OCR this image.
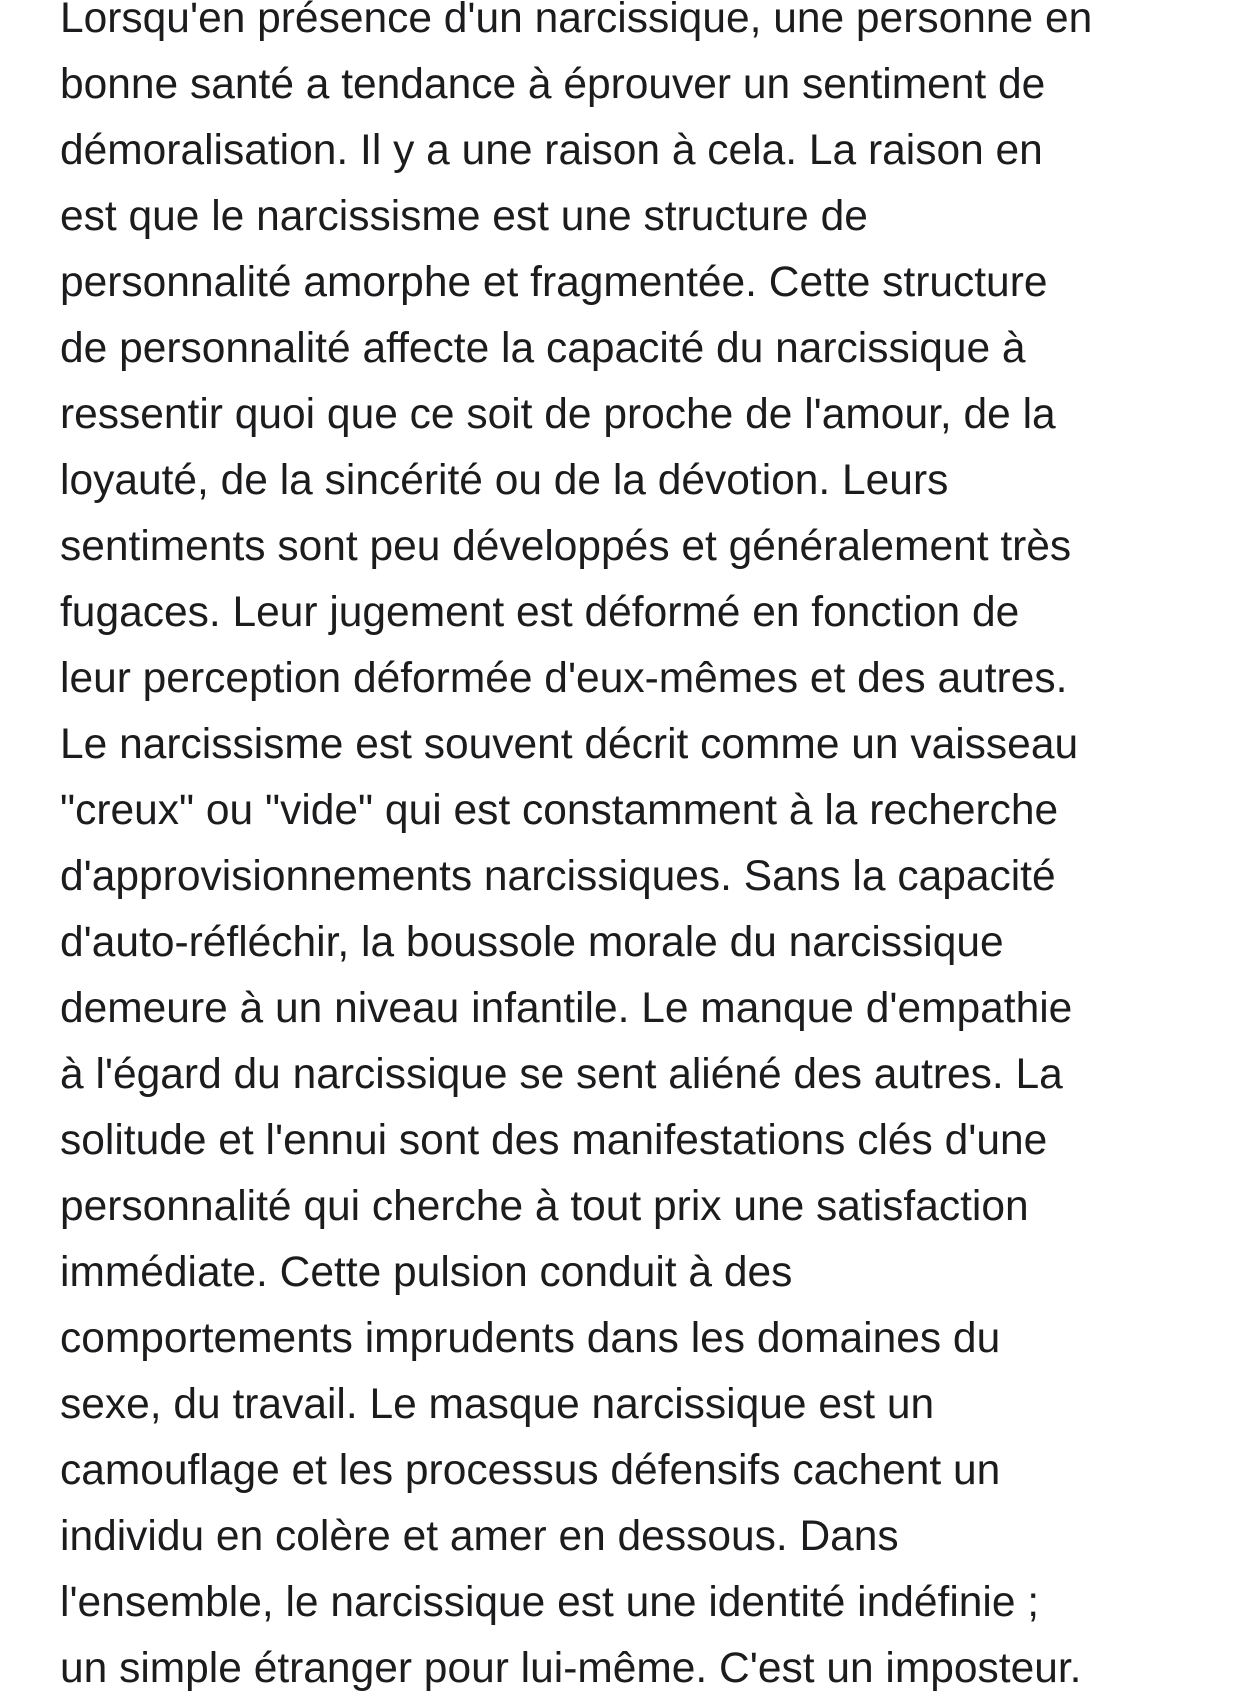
Lorsqu'en présence d'un narcissique, une personne en
bonne santé a tendance à éprouver un sentiment de
démoralisation. Il y a une raison à cela. La raison en
est que le narcissisme est une structure de
personnalité amorphe et fragmentée. Cette structure
de personnalité affecte la capacité du narcissique à
ressentir quoi que ce soit de proche de l'amour, de la
loyauté, de la sincérité ou de la dévotion. Leurs
sentiments sont peu développés et généralement très
fugaces. Leur jugement est déformé en fonction de
leur perception déformée d'eux-mêmes et des autres.
Le narcissisme est souvent décrit comme un vaisseau
"creux" ou "vide" qui est constamment à la recherche
d'approvisionnements narcissiques. Sans la capacité
d'auto-réfléchir, la boussole morale du narcissique
demeure à un niveau infantile. Le manque d'empathie
à l'égard du narcissique se sent aliéné des autres. La
solitude et l'ennui sont des manifestations clés d'une
personnalité qui cherche à tout prix une satisfaction
immédiate. Cette pulsion conduit à des
comportements imprudents dans les domaines du
sexe, du travail. Le masque narcissique est un
camouflage et les processus défensifs cachent un
individu en colère et amer en dessous. Dans
l'ensemble, le narcissique est une identité indéfinie ;
un simple étranger pour lui-même. C'est un imposteur.
